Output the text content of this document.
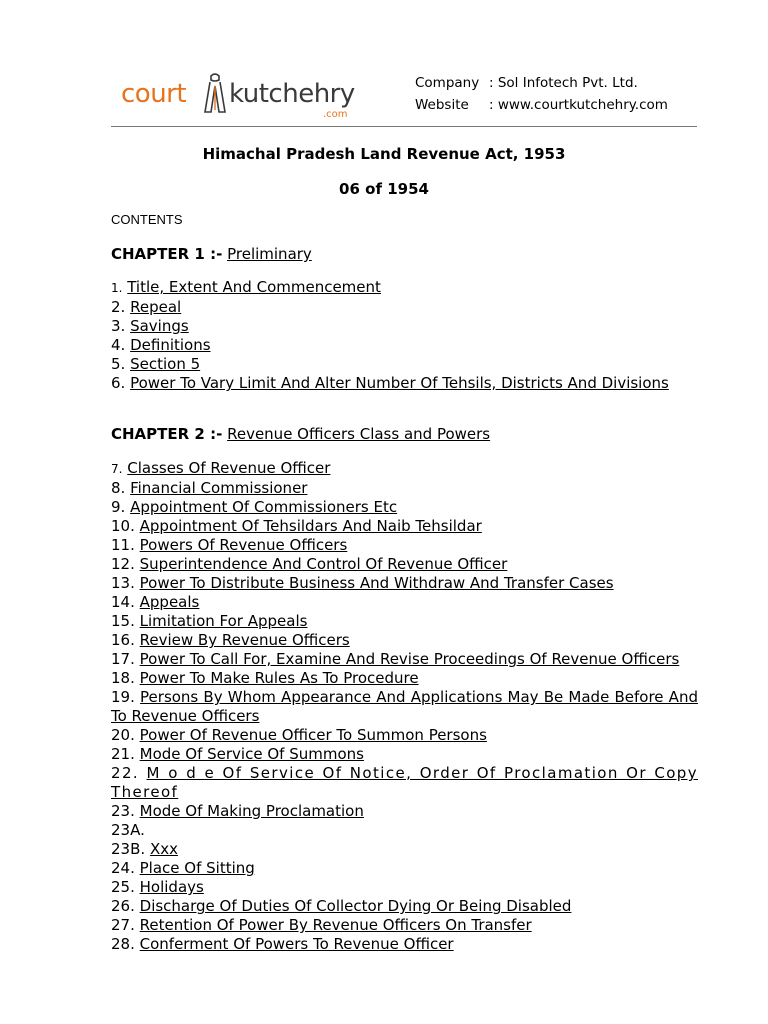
court kutchehry
.com
Company : Sol Infotech Pvt. Ltd.
Website : www.courtkutchehry.com
Himachal Pradesh Land Revenue Act, 1953
06 of 1954
CONTENTS
CHAPTER 1 :- Preliminary
1. Title, Extent And Commencement
2. Repeal
3. Savings
4. Definitions
5. Section 5
6. Power To Vary Limit And Alter Number Of Tehsils, Districts And Divisions
CHAPTER 2 :- Revenue Officers Class and Powers
7. Classes Of Revenue Officer
8. Financial Commissioner
9. Appointment Of Commissioners Etc
10. Appointment Of Tehsildars And Naib Tehsildar
11. Powers Of Revenue Officers
12. Superintendence And Control Of Revenue Officer
13. Power To Distribute Business And Withdraw And Transfer Cases
14. Appeals
15. Limitation For Appeals
16. Review By Revenue Officers
17. Power To Call For, Examine And Revise Proceedings Of Revenue Officers
18. Power To Make Rules As To Procedure
19. Persons By Whom Appearance And Applications May Be Made Before And To Revenue Officers
20. Power Of Revenue Officer To Summon Persons
21. Mode Of Service Of Summons
22. M o d e Of Service Of Notice, Order Of Proclamation Or Copy Thereof
23. Mode Of Making Proclamation
23A.
23B. Xxx
24. Place Of Sitting
25. Holidays
26. Discharge Of Duties Of Collector Dying Or Being Disabled
27. Retention Of Power By Revenue Officers On Transfer
28. Conferment Of Powers To Revenue Officer
